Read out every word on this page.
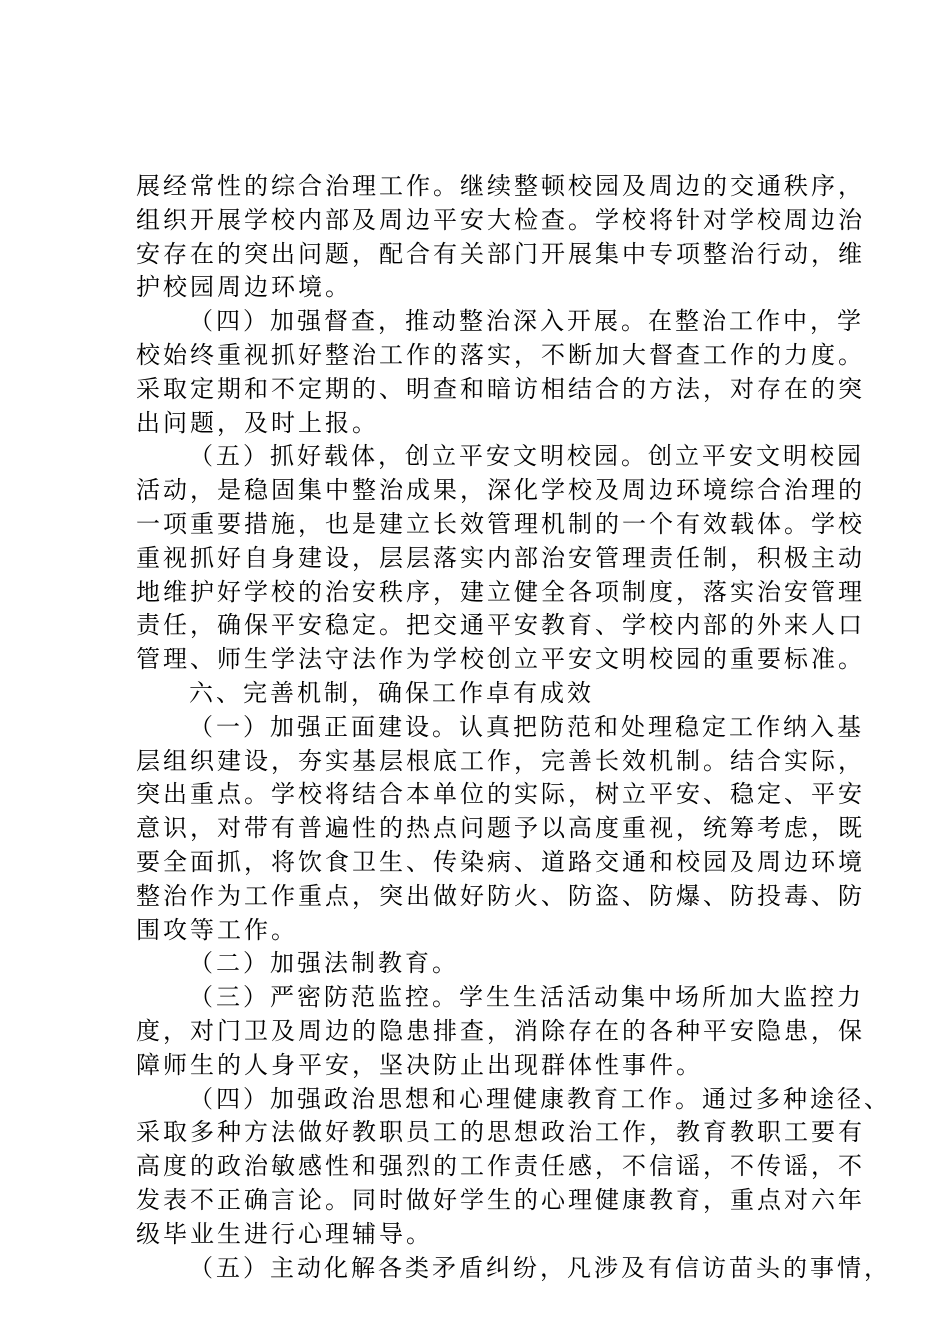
展经常性的综合治理工作。继续整顿校园及周边的交通秩序，
组织开展学校内部及周边平安大检查。学校将针对学校周边治
安存在的突出问题，配合有关部门开展集中专项整治行动，维
护校园周边环境。
（四）加强督查，推动整治深入开展。在整治工作中，学
校始终重视抓好整治工作的落实，不断加大督查工作的力度。
采取定期和不定期的、明查和暗访相结合的方法，对存在的突
出问题，及时上报。
（五）抓好载体，创立平安文明校园。创立平安文明校园
活动，是稳固集中整治成果，深化学校及周边环境综合治理的
一项重要措施，也是建立长效管理机制的一个有效载体。学校
重视抓好自身建设，层层落实内部治安管理责任制，积极主动
地维护好学校的治安秩序，建立健全各项制度，落实治安管理
责任，确保平安稳定。把交通平安教育、学校内部的外来人口
管理、师生学法守法作为学校创立平安文明校园的重要标准。
六、完善机制，确保工作卓有成效
（一）加强正面建设。认真把防范和处理稳定工作纳入基
层组织建设，夯实基层根底工作，完善长效机制。结合实际，
突出重点。学校将结合本单位的实际，树立平安、稳定、平安
意识，对带有普遍性的热点问题予以高度重视，统筹考虑，既
要全面抓，将饮食卫生、传染病、道路交通和校园及周边环境
整治作为工作重点，突出做好防火、防盗、防爆、防投毒、防
围攻等工作。
（二）加强法制教育。
（三）严密防范监控。学生生活活动集中场所加大监控力
度，对门卫及周边的隐患排查，消除存在的各种平安隐患，保
障师生的人身平安，坚决防止出现群体性事件。
（四）加强政治思想和心理健康教育工作。通过多种途径、
采取多种方法做好教职员工的思想政治工作，教育教职工要有
高度的政治敏感性和强烈的工作责任感，不信谣，不传谣，不
发表不正确言论。同时做好学生的心理健康教育，重点对六年
级毕业生进行心理辅导。
（五）主动化解各类矛盾纠纷，凡涉及有信访苗头的事情，
